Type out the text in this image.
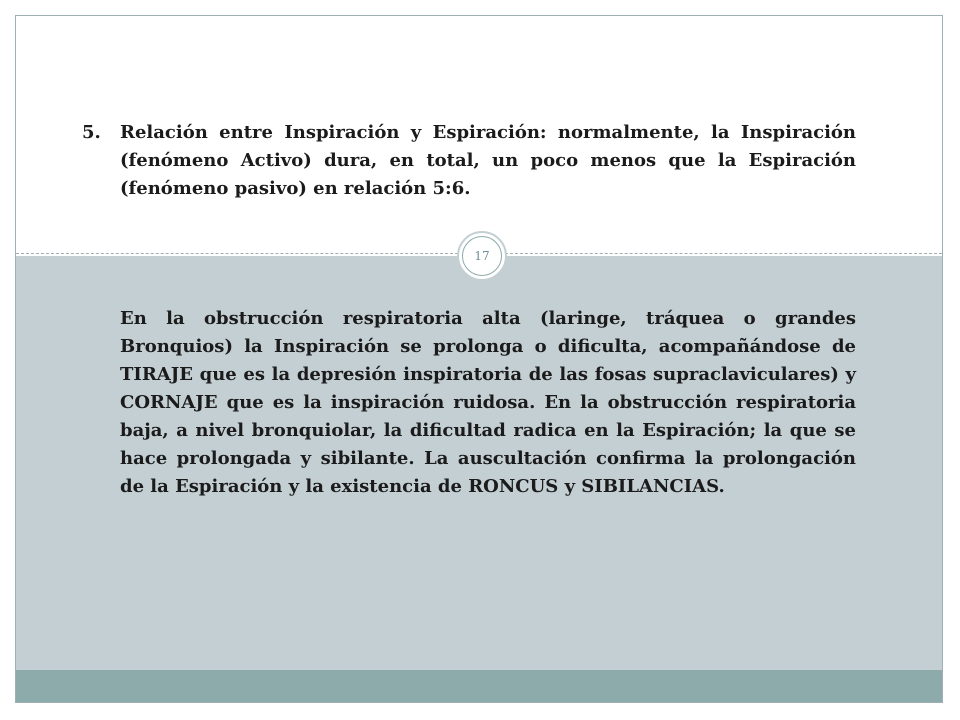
17
5.	Relación entre Inspiración y Espiración: normalmente, la Inspiración (fenómeno Activo) dura, en total, un poco menos que la Espiración (fenómeno pasivo) en relación 5:6.
En la obstrucción respiratoria alta (laringe, tráquea o grandes Bronquios) la Inspiración se prolonga o dificulta, acompañándose de TIRAJE que es la depresión inspiratoria de las fosas supraclaviculares) y CORNAJE que es la inspiración ruidosa. En la obstrucción respiratoria baja, a nivel bronquiolar, la dificultad radica en la Espiración; la que se hace prolongada y sibilante. La auscultación confirma la prolongación de la Espiración y la existencia de RONCUS y SIBILANCIAS.
